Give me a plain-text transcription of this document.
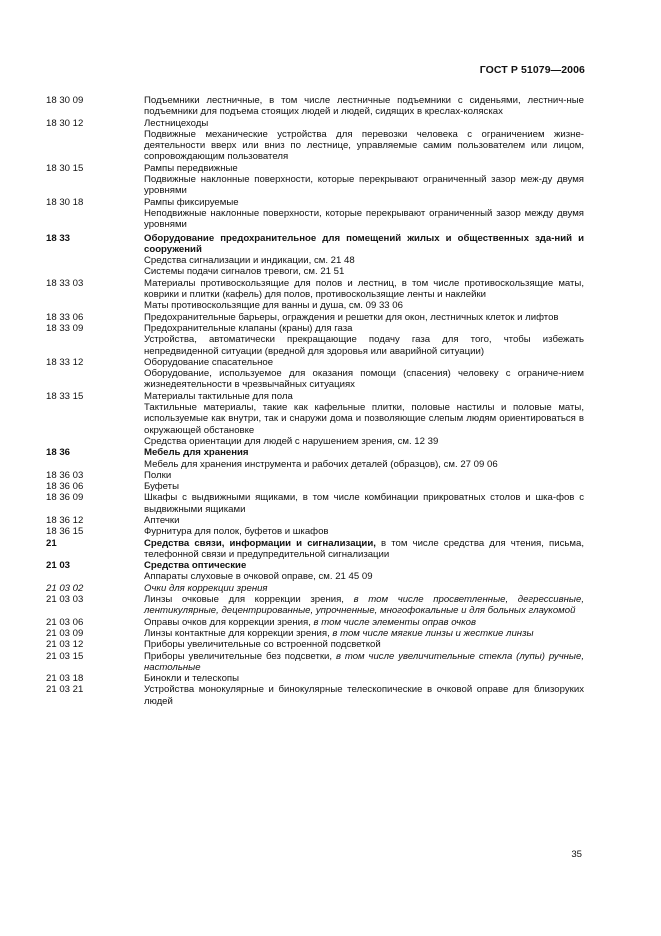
ГОСТ Р 51079—2006
18 30 09	Подъемники лестничные, в том числе лестничные подъемники с сиденьями, лестнич-ные подъемники для подъема стоящих людей и людей, сидящих в креслах-колясках
18 30 12	Лестницеходы
Подвижные механические устройства для перевозки человека с ограничением жизне-деятельности вверх или вниз по лестнице, управляемые самим пользователем или лицом, сопровождающим пользователя
18 30 15	Рампы передвижные
Подвижные наклонные поверхности, которые перекрывают ограниченный зазор меж-ду двумя уровнями
18 30 18	Рампы фиксируемые
Неподвижные наклонные поверхности, которые перекрывают ограниченный зазор между двумя уровнями
18 33	Оборудование предохранительное для помещений жилых и общественных зда-ний и сооружений
Средства сигнализации и индикации, см. 21 48
Системы подачи сигналов тревоги, см. 21 51
18 33 03	Материалы противоскользящие для полов и лестниц, в том числе противоскользящие маты, коврики и плитки (кафель) для полов, противоскользящие ленты и наклейки
Маты противоскользящие для ванны и душа, см. 09 33 06
18 33 06	Предохранительные барьеры, ограждения и решетки для окон, лестничных клеток и лифтов
18 33 09	Предохранительные клапаны (краны) для газа
Устройства, автоматически прекращающие подачу газа для того, чтобы избежать непредвиденной ситуации (вредной для здоровья или аварийной ситуации)
18 33 12	Оборудование спасательное
Оборудование, используемое для оказания помощи (спасения) человеку с ограниче-нием жизнедеятельности в чрезвычайных ситуациях
18 33 15	Материалы тактильные для пола
Тактильные материалы, такие как кафельные плитки, половые настилы и половые маты, используемые как внутри, так и снаружи дома и позволяющие слепым людям ориентироваться в окружающей обстановке
Средства ориентации для людей с нарушением зрения, см. 12 39
18 36	Мебель для хранения
Мебель для хранения инструмента и рабочих деталей (образцов), см. 27 09 06
18 36 03	Полки
18 36 06	Буфеты
18 36 09	Шкафы с выдвижными ящиками, в том числе комбинации прикроватных столов и шка-фов с выдвижными ящиками
18 36 12	Аптечки
18 36 15	Фурнитура для полок, буфетов и шкафов
21	Средства связи, информации и сигнализации, в том числе средства для чтения, письма, телефонной связи и предупредительной сигнализации
21 03	Средства оптические
Аппараты слуховые в очковой оправе, см. 21 45 09
21 03 02	Очки для коррекции зрения
21 03 03	Линзы очковые для коррекции зрения, в том числе просветленные, дегрессивные, лентикулярные, децентрированные, упрочненные, многофокальные и для больных глаукомой
21 03 06	Оправы очков для коррекции зрения, в том числе элементы оправ очков
21 03 09	Линзы контактные для коррекции зрения, в том числе мягкие линзы и жесткие линзы
21 03 12	Приборы увеличительные со встроенной подсветкой
21 03 15	Приборы увеличительные без подсветки, в том числе увеличительные стекла (лупы) ручные, настольные
21 03 18	Бинокли и телескопы
21 03 21	Устройства монокулярные и бинокулярные телескопические в очковой оправе для близоруких людей
35
